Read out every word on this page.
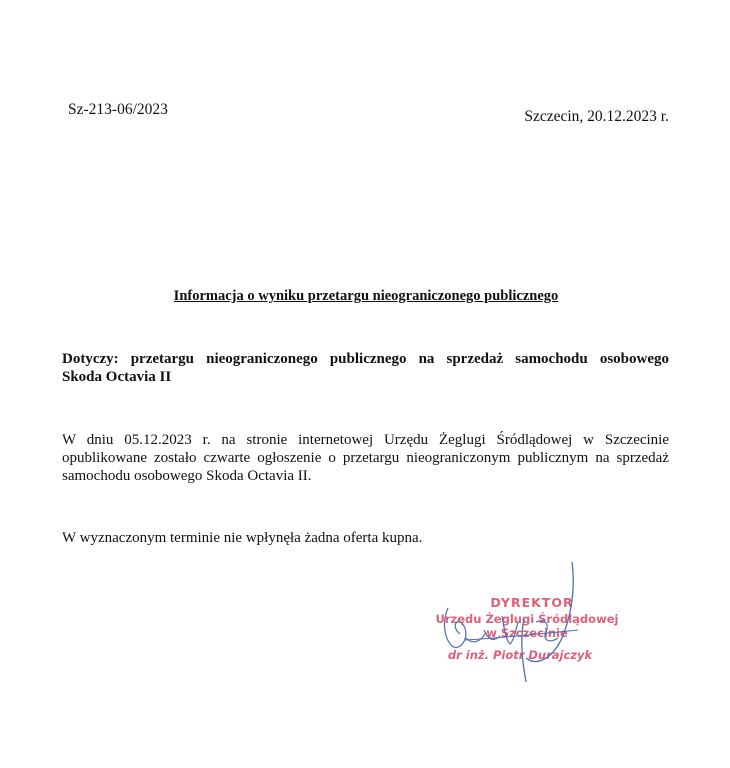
Sz-213-06/2023	Szczecin, 20.12.2023 r.
Informacja o wyniku przetargu nieograniczonego publicznego
Dotyczy: przetargu nieograniczonego publicznego na sprzedaż samochodu osobowego
Skoda Octavia II
W dniu 05.12.2023 r. na stronie internetowej Urzędu Żeglugi Śródlądowej w Szczecinie opublikowane zostało czwarte ogłoszenie o przetargu nieograniczonym publicznym na sprzedaż samochodu osobowego Skoda Octavia II.
W wyznaczonym terminie nie wpłynęła żadna oferta kupna.
DYREKTOR
Urzędu Żeglugi Śródlądowej
w Szczecinie
dr inż. Piotr Durajczyk
